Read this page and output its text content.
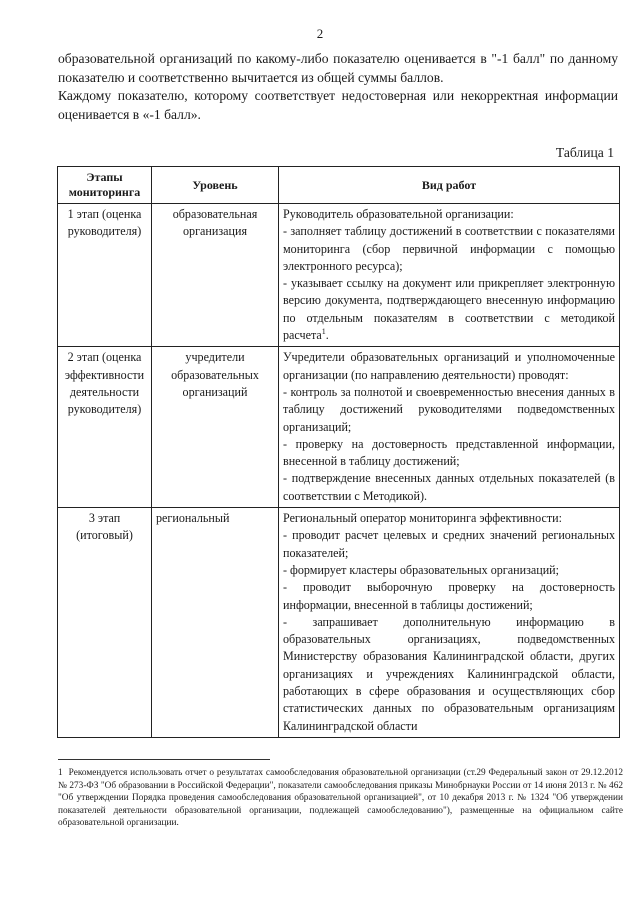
2

образовательной организаций по какому-либо показателю оценивается в "-1 балл" по данному показателю и соответственно вычитается из общей суммы баллов.

Каждому показателю, которому соответствует недостоверная или некорректная информации оценивается в «-1 балл».

Таблица 1
Этапы мониторинга	Уровень	Вид работ
1 этап (оценка руководителя)	образовательная организация	Руководитель образовательной организации:

- заполняет таблицу достижений в соответствии с показателями мониторинга (сбор первичной информации с помощью электронного ресурса);

- указывает ссылку на документ или прикрепляет электронную версию документа, подтверждающего внесенную информацию по отдельным показателям в соответствии с методикой расчета$^1$.

2 этап (оценка эффективности деятельности руководителя)	учредители образовательных организаций	Учредители образовательных организаций и уполномоченные организации (по направлению деятельности) проводят:

- контроль за полнотой и своевременностью внесения данных в таблицу достижений руководителями подведомственных организаций;

- проверку на достоверность представленной информации, внесенной в таблицу достижений;

- подтверждение внесенных данных отдельных показателей (в соответствии с Методикой).

3 этап (итоговый)	региональный	Региональный оператор мониторинга эффективности:

- проводит расчет целевых и средних значений региональных показателей;

- формирует кластеры образовательных организаций;

- проводит выборочную проверку на достоверность информации, внесенной в таблицы достижений;

- запрашивает дополнительную информацию в образовательных организациях, подведомственных Министерству образования Калининградской области, других организациях и учреждениях Калининградской области, работающих в сфере образования и осуществляющих сбор статистических данных по образовательным организациям Калининградской области

1 Рекомендуется использовать отчет о результатах самообследования образовательной организации (ст.29 Федеральный закон от 29.12.2012 № 273-ФЗ "Об образовании в Российской Федерации", показатели самообследования приказы Минобрнауки России от 14 июня 2013 г. № 462 "Об утверждении Порядка проведения самообследования образовательной организацией", от 10 декабря 2013 г. № 1324 "Об утверждении показателей деятельности образовательной организации, подлежащей самообследованию"), размещенные на официальном сайте образовательной организации.
